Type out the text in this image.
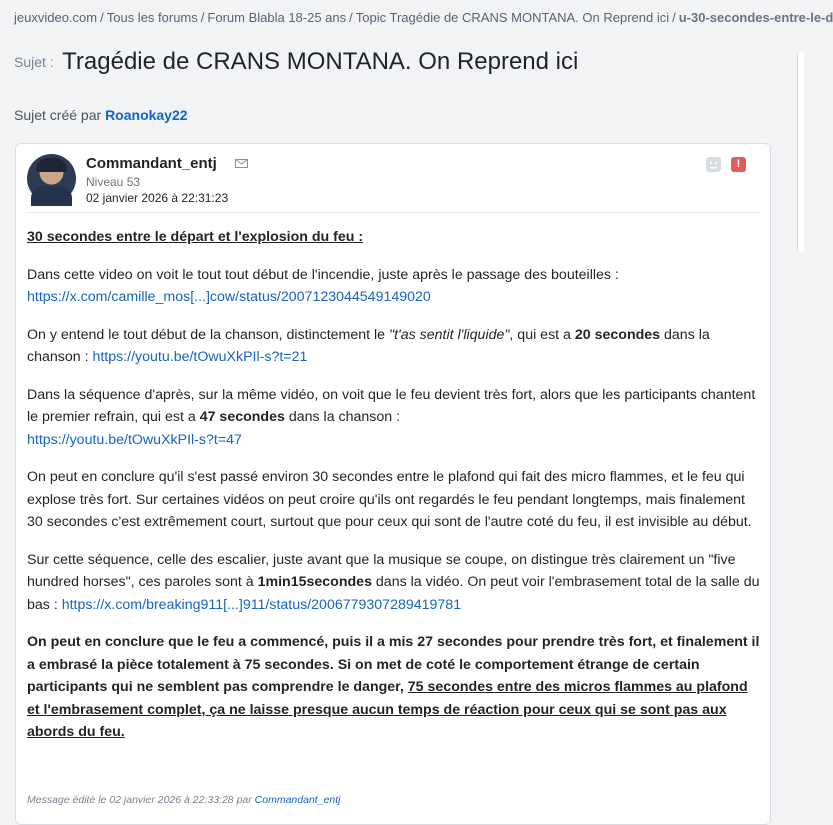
jeuxvideo.com / Tous les forums / Forum Blabla 18-25 ans / Topic Tragédie de CRANS MONTANA. On Reprend ici / u-30-secondes-entre-le-d
Sujet : Tragédie de CRANS MONTANA. On Reprend ici
Sujet créé par Roanokay22
Commandant_entj
Niveau 53
02 janvier 2026 à 22:31:23
!

30 secondes entre le départ et l'explosion du feu :

Dans cette video on voit le tout tout début de l'incendie, juste après le passage des bouteilles :
https://x.com/camille_mos[...]cow/status/2007123044549149020

On y entend le tout début de la chanson, distinctement le "t'as sentit l'liquide", qui est a 20 secondes dans la chanson : https://youtu.be/tOwuXkPIl-s?t=21

Dans la séquence d'après, sur la même vidéo, on voit que le feu devient très fort, alors que les participants chantent le premier refrain, qui est a 47 secondes dans la chanson :
https://youtu.be/tOwuXkPIl-s?t=47

On peut en conclure qu'il s'est passé environ 30 secondes entre le plafond qui fait des micro flammes, et le feu qui explose très fort. Sur certaines vidéos on peut croire qu'ils ont regardés le feu pendant longtemps, mais finalement 30 secondes c'est extrêmement court, surtout que pour ceux qui sont de l'autre coté du feu, il est invisible au début.

Sur cette séquence, celle des escalier, juste avant que la musique se coupe, on distingue très clairement un "five hundred horses", ces paroles sont à 1min15secondes dans la vidéo. On peut voir l'embrasement total de la salle du bas : https://x.com/breaking911[...]911/status/2006779307289419781

On peut en conclure que le feu a commencé, puis il a mis 27 secondes pour prendre très fort, et finalement il a embrasé la pièce totalement à 75 secondes. Si on met de coté le comportement étrange de certain participants qui ne semblent pas comprendre le danger, 75 secondes entre des micros flammes au plafond et l'embrasement complet, ça ne laisse presque aucun temps de réaction pour ceux qui se sont pas aux abords du feu.

Message édité le 02 janvier 2026 à 22:33:28 par Commandant_entj
